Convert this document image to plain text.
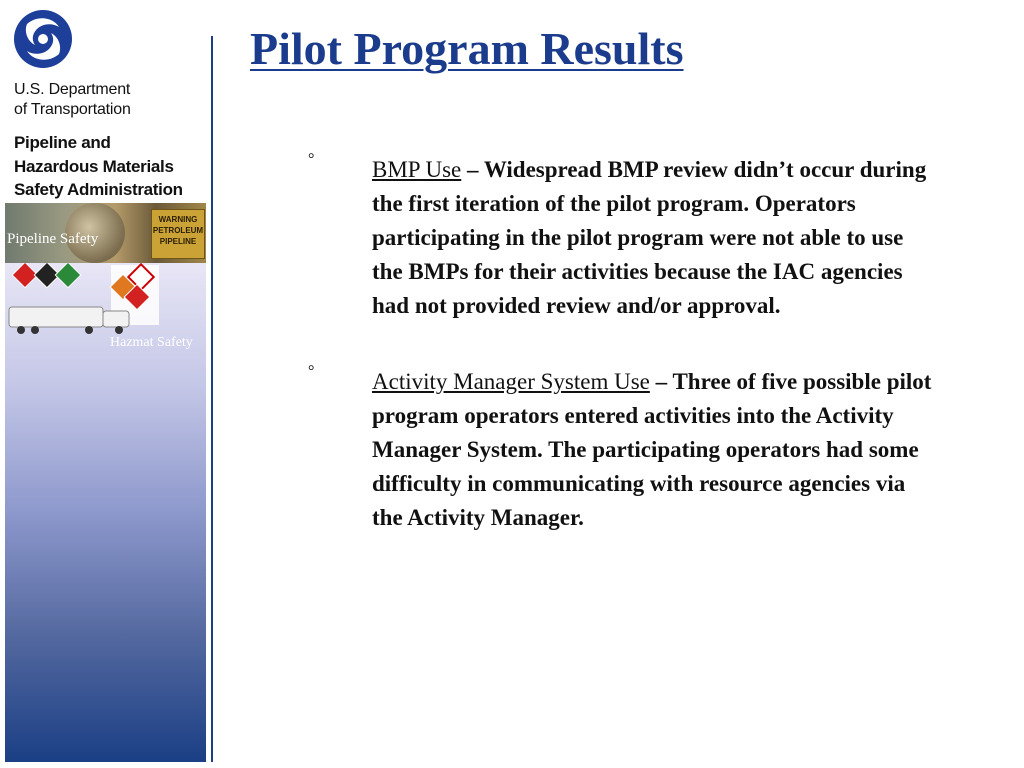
U.S. Department
of Transportation
Pipeline and
Hazardous Materials
Safety Administration
WARNING PETROLEUM PIPELINE
Pipeline Safety
Hazmat Safety
Pilot Program Results
°	BMP Use – Widespread BMP review didn’t occur during the first iteration of the pilot program. Operators participating in the pilot program were not able to use the BMPs for their activities because the IAC agencies had not provided review and/or approval.

°	Activity Manager System Use – Three of five possible pilot program operators entered activities into the Activity Manager System. The participating operators had some difficulty in communicating with resource agencies via the Activity Manager.
